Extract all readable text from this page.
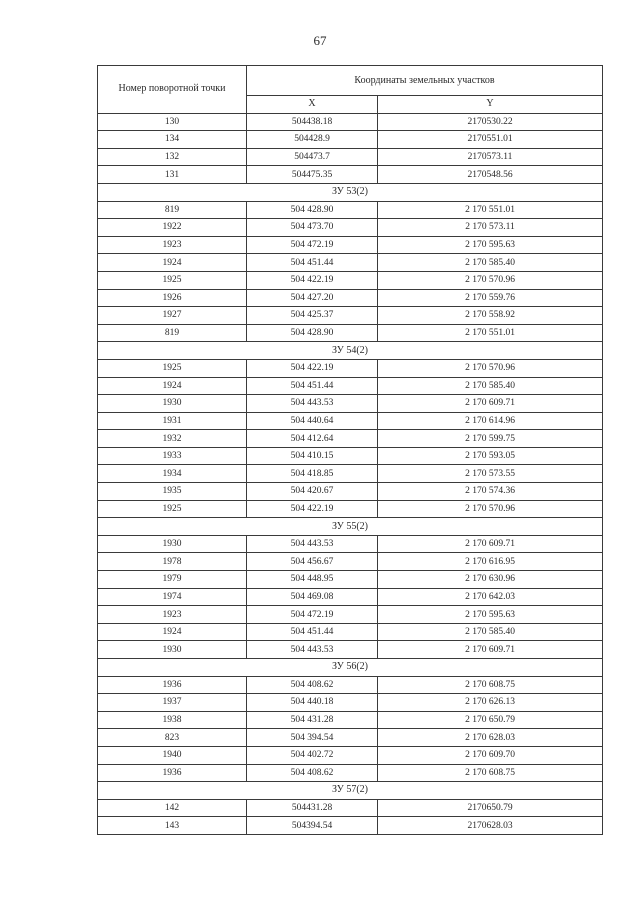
67
Номер поворотной точки	Координаты земельных участков	
	X	Y
130	504438.18	2170530.22
134	504428.9	2170551.01
132	504473.7	2170573.11
131	504475.35	2170548.56
ЗУ 53(2)		
819	504 428.90	2 170 551.01
1922	504 473.70	2 170 573.11
1923	504 472.19	2 170 595.63
1924	504 451.44	2 170 585.40
1925	504 422.19	2 170 570.96
1926	504 427.20	2 170 559.76
1927	504 425.37	2 170 558.92
819	504 428.90	2 170 551.01
ЗУ 54(2)		
1925	504 422.19	2 170 570.96
1924	504 451.44	2 170 585.40
1930	504 443.53	2 170 609.71
1931	504 440.64	2 170 614.96
1932	504 412.64	2 170 599.75
1933	504 410.15	2 170 593.05
1934	504 418.85	2 170 573.55
1935	504 420.67	2 170 574.36
1925	504 422.19	2 170 570.96
ЗУ 55(2)		
1930	504 443.53	2 170 609.71
1978	504 456.67	2 170 616.95
1979	504 448.95	2 170 630.96
1974	504 469.08	2 170 642.03
1923	504 472.19	2 170 595.63
1924	504 451.44	2 170 585.40
1930	504 443.53	2 170 609.71
ЗУ 56(2)		
1936	504 408.62	2 170 608.75
1937	504 440.18	2 170 626.13
1938	504 431.28	2 170 650.79
823	504 394.54	2 170 628.03
1940	504 402.72	2 170 609.70
1936	504 408.62	2 170 608.75
ЗУ 57(2)		
142	504431.28	2170650.79
143	504394.54	2170628.03
